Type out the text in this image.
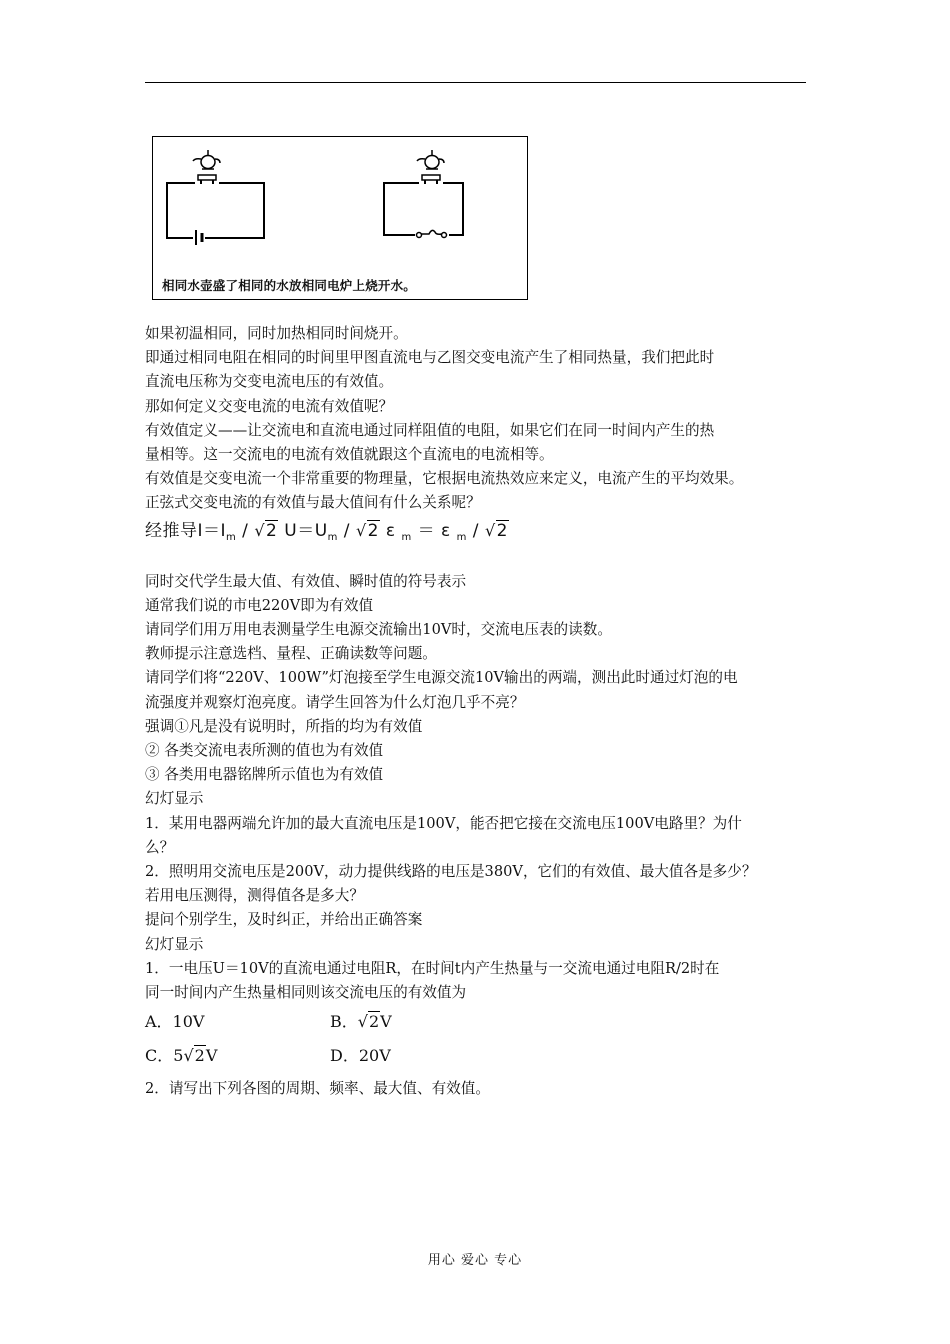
相同水壶盛了相同的水放相同电炉上烧开水。
如果初温相同，同时加热相同时间烧开。
即通过相同电阻在相同的时间里甲图直流电与乙图交变电流产生了相同热量，我们把此时
直流电压称为交变电流电压的有效值。
那如何定义交变电流的电流有效值呢？
有效值定义——让交流电和直流电通过同样阻值的电阻，如果它们在同一时间内产生的热
量相等。这一交流电的电流有效值就跟这个直流电的电流相等。
有效值是交变电流一个非常重要的物理量，它根据电流热效应来定义，电流产生的平均效果。
正弦式交变电流的有效值与最大值间有什么关系呢？
经推导$I=I_m / √2$ $U=U_m / √2$ ε $_m$ ＝ ε $_m$ / √2
同时交代学生最大值、有效值、瞬时值的符号表示
通常我们说的市电220V即为有效值
请同学们用万用电表测量学生电源交流输出10V时，交流电压表的读数。
教师提示注意选档、量程、正确读数等问题。
请同学们将“220V、100W”灯泡接至学生电源交流10V输出的两端，测出此时通过灯泡的电
流强度并观察灯泡亮度。请学生回答为什么灯泡几乎不亮？
强调①凡是没有说明时，所指的均为有效值
② 各类交流电表所测的值也为有效值
③ 各类用电器铭牌所示值也为有效值
幻灯显示
1．某用电器两端允许加的最大直流电压是100V，能否把它接在交流电压100V电路里？为什
么？
2．照明用交流电压是200V，动力提供线路的电压是380V，它们的有效值、最大值各是多少？
若用电压测得，测得值各是多大？
提问个别学生，及时纠正，并给出正确答案
幻灯显示
1．一电压U＝10V的直流电通过电阻R，在时间t内产生热量与一交流电通过电阻R/2时在
同一时间内产生热量相同则该交流电压的有效值为
A．10V	B．√2V
C．5√2V	D．20V
2．请写出下列各图的周期、频率、最大值、有效值。
用心 爱心 专心
